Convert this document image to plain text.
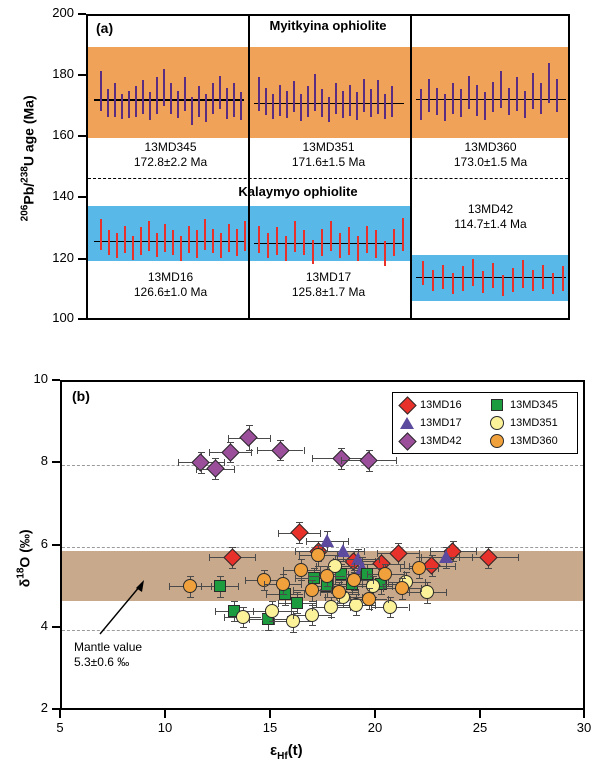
$^{206}$Pb/$^{238}$U age (Ma)
(a)	Myitkyina ophiolite
Kalaymyo ophiolite
13MD345
172.8±2.2 Ma
13MD351
171.6±1.5 Ma
13MD360
173.0±1.5 Ma
13MD16
126.6±1.0 Ma
13MD17
125.8±1.7 Ma
13MD42
114.7±1.4 Ma
200
180
160
140
120
100
$\delta^{18}O$ (‰)
(b)
Mantle value
5.3±0.6 ‰
13MD16	13MD345
13MD17	13MD351
13MD42	13MD360
10
8
6
4
2
5	10	15	20	25	30
$\varepsilon_{Hf}(t)$
